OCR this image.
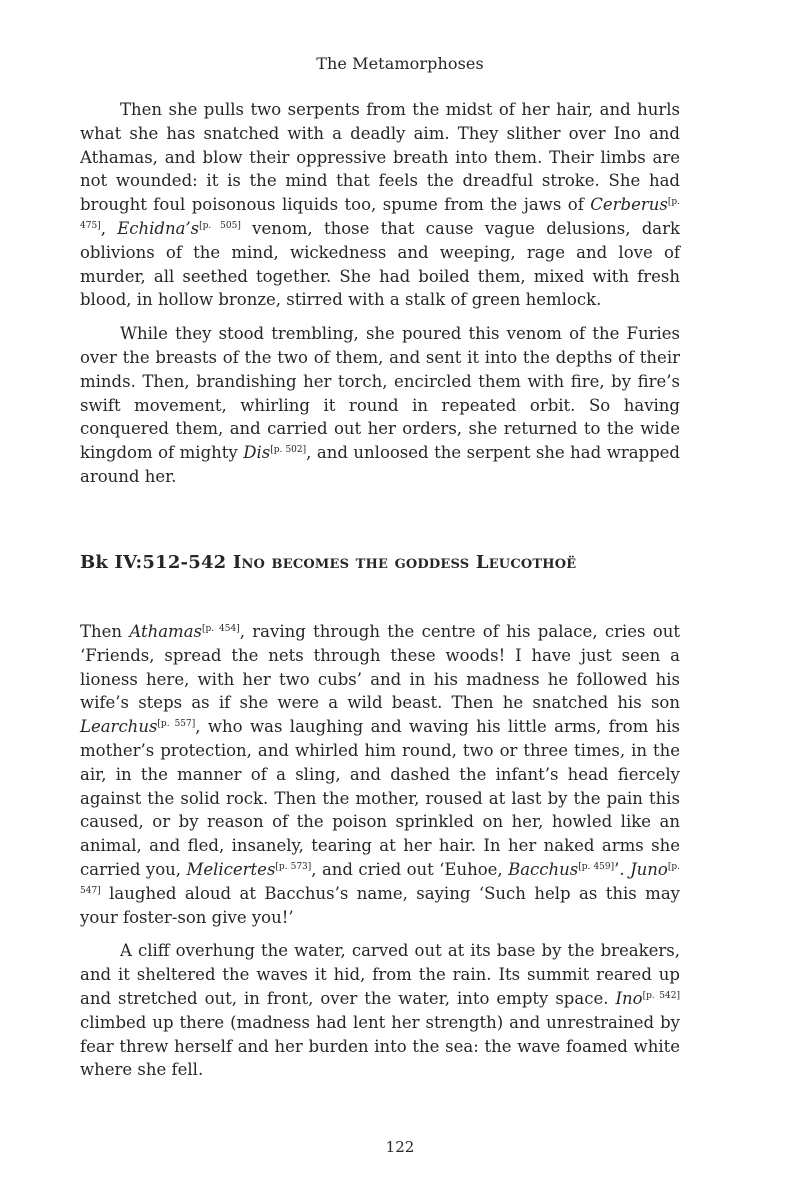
The Metamorphoses

Then she pulls two serpents from the midst of her hair, and hurls what she has snatched with a deadly aim. They slither over Ino and Athamas, and blow their oppressive breath into them. Their limbs are not wounded: it is the mind that feels the dreadful stroke. She had brought foul poisonous liquids too, spume from the jaws of Cerberus[p. 475], Echidna’s[p. 505] venom, those that cause vague delusions, dark oblivions of the mind, wickedness and weeping, rage and love of murder, all seethed together. She had boiled them, mixed with fresh blood, in hollow bronze, stirred with a stalk of green hemlock.

While they stood trembling, she poured this venom of the Furies over the breasts of the two of them, and sent it into the depths of their minds. Then, brandishing her torch, encircled them with fire, by fire’s swift movement, whirling it round in repeated orbit. So having conquered them, and carried out her orders, she returned to the wide kingdom of mighty Dis[p. 502], and unloosed the serpent she had wrapped around her.

Bk IV:512-542 Ino becomes the goddess Leucothoë

Then Athamas[p. 454], raving through the centre of his palace, cries out ‘Friends, spread the nets through these woods! I have just seen a lioness here, with her two cubs’ and in his madness he followed his wife’s steps as if she were a wild beast. Then he snatched his son Learchus[p. 557], who was laughing and waving his little arms, from his mother’s protection, and whirled him round, two or three times, in the air, in the manner of a sling, and dashed the infant’s head fiercely against the solid rock. Then the mother, roused at last by the pain this caused, or by reason of the poison sprinkled on her, howled like an animal, and fled, insanely, tearing at her hair. In her naked arms she carried you, Melicertes[p. 573], and cried out ‘Euhoe, Bacchus[p. 459]’. Juno[p. 547] laughed aloud at Bacchus’s name, saying ‘Such help as this may your foster-son give you!’

A cliff overhung the water, carved out at its base by the breakers, and it sheltered the waves it hid, from the rain. Its summit reared up and stretched out, in front, over the water, into empty space. Ino[p. 542] climbed up there (madness had lent her strength) and unrestrained by fear threw herself and her burden into the sea: the wave foamed white where she fell.

122
